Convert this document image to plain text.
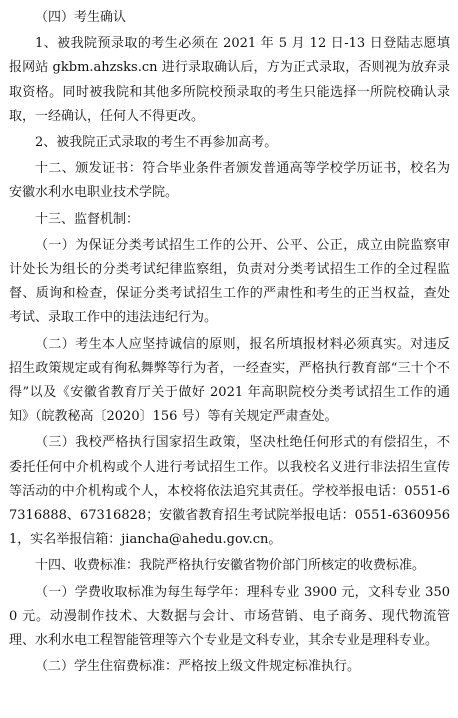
（四）考生确认

1、被我院预录取的考生必须在 2021 年 5 月 12 日-13 日登陆志愿填报网站 gkbm.ahzsks.cn 进行录取确认后，方为正式录取，否则视为放弃录取资格。同时被我院和其他多所院校预录取的考生只能选择一所院校确认录取，一经确认，任何人不得更改。

2、被我院正式录取的考生不再参加高考。

十二、颁发证书：符合毕业条件者颁发普通高等学校学历证书，校名为安徽水利水电职业技术学院。

十三、监督机制：

（一）为保证分类考试招生工作的公开、公平、公正，成立由院监察审计处长为组长的分类考试纪律监察组，负责对分类考试招生工作的全过程监督、质询和检查，保证分类考试招生工作的严肃性和考生的正当权益，查处考试、录取工作中的违法违纪行为。

（二）考生本人应坚持诚信的原则，报名所填报材料必须真实。对违反招生政策规定或有徇私舞弊等行为者，一经查实，严格执行教育部“三十个不得”以及《安徽省教育厅关于做好 2021 年高职院校分类考试招生工作的通知》（皖教秘高〔2020〕156 号）等有关规定严肃查处。

（三）我校严格执行国家招生政策，坚决杜绝任何形式的有偿招生，不委托任何中介机构或个人进行考试招生工作。以我校名义进行非法招生宣传等活动的中介机构或个人，本校将依法追究其责任。学校举报电话：0551-67316888、67316828；安徽省教育招生考试院举报电话：0551-63609561，实名举报信箱：jiancha@ahedu.gov.cn。

十四、收费标准：我院严格执行安徽省物价部门所核定的收费标准。

（一）学费收取标准为每生每学年：理科专业 3900 元，文科专业 3500 元。动漫制作技术、大数据与会计、市场营销、电子商务、现代物流管理、水利水电工程智能管理等六个专业是文科专业，其余专业是理科专业。

（二）学生住宿费标准：严格按上级文件规定标准执行。
